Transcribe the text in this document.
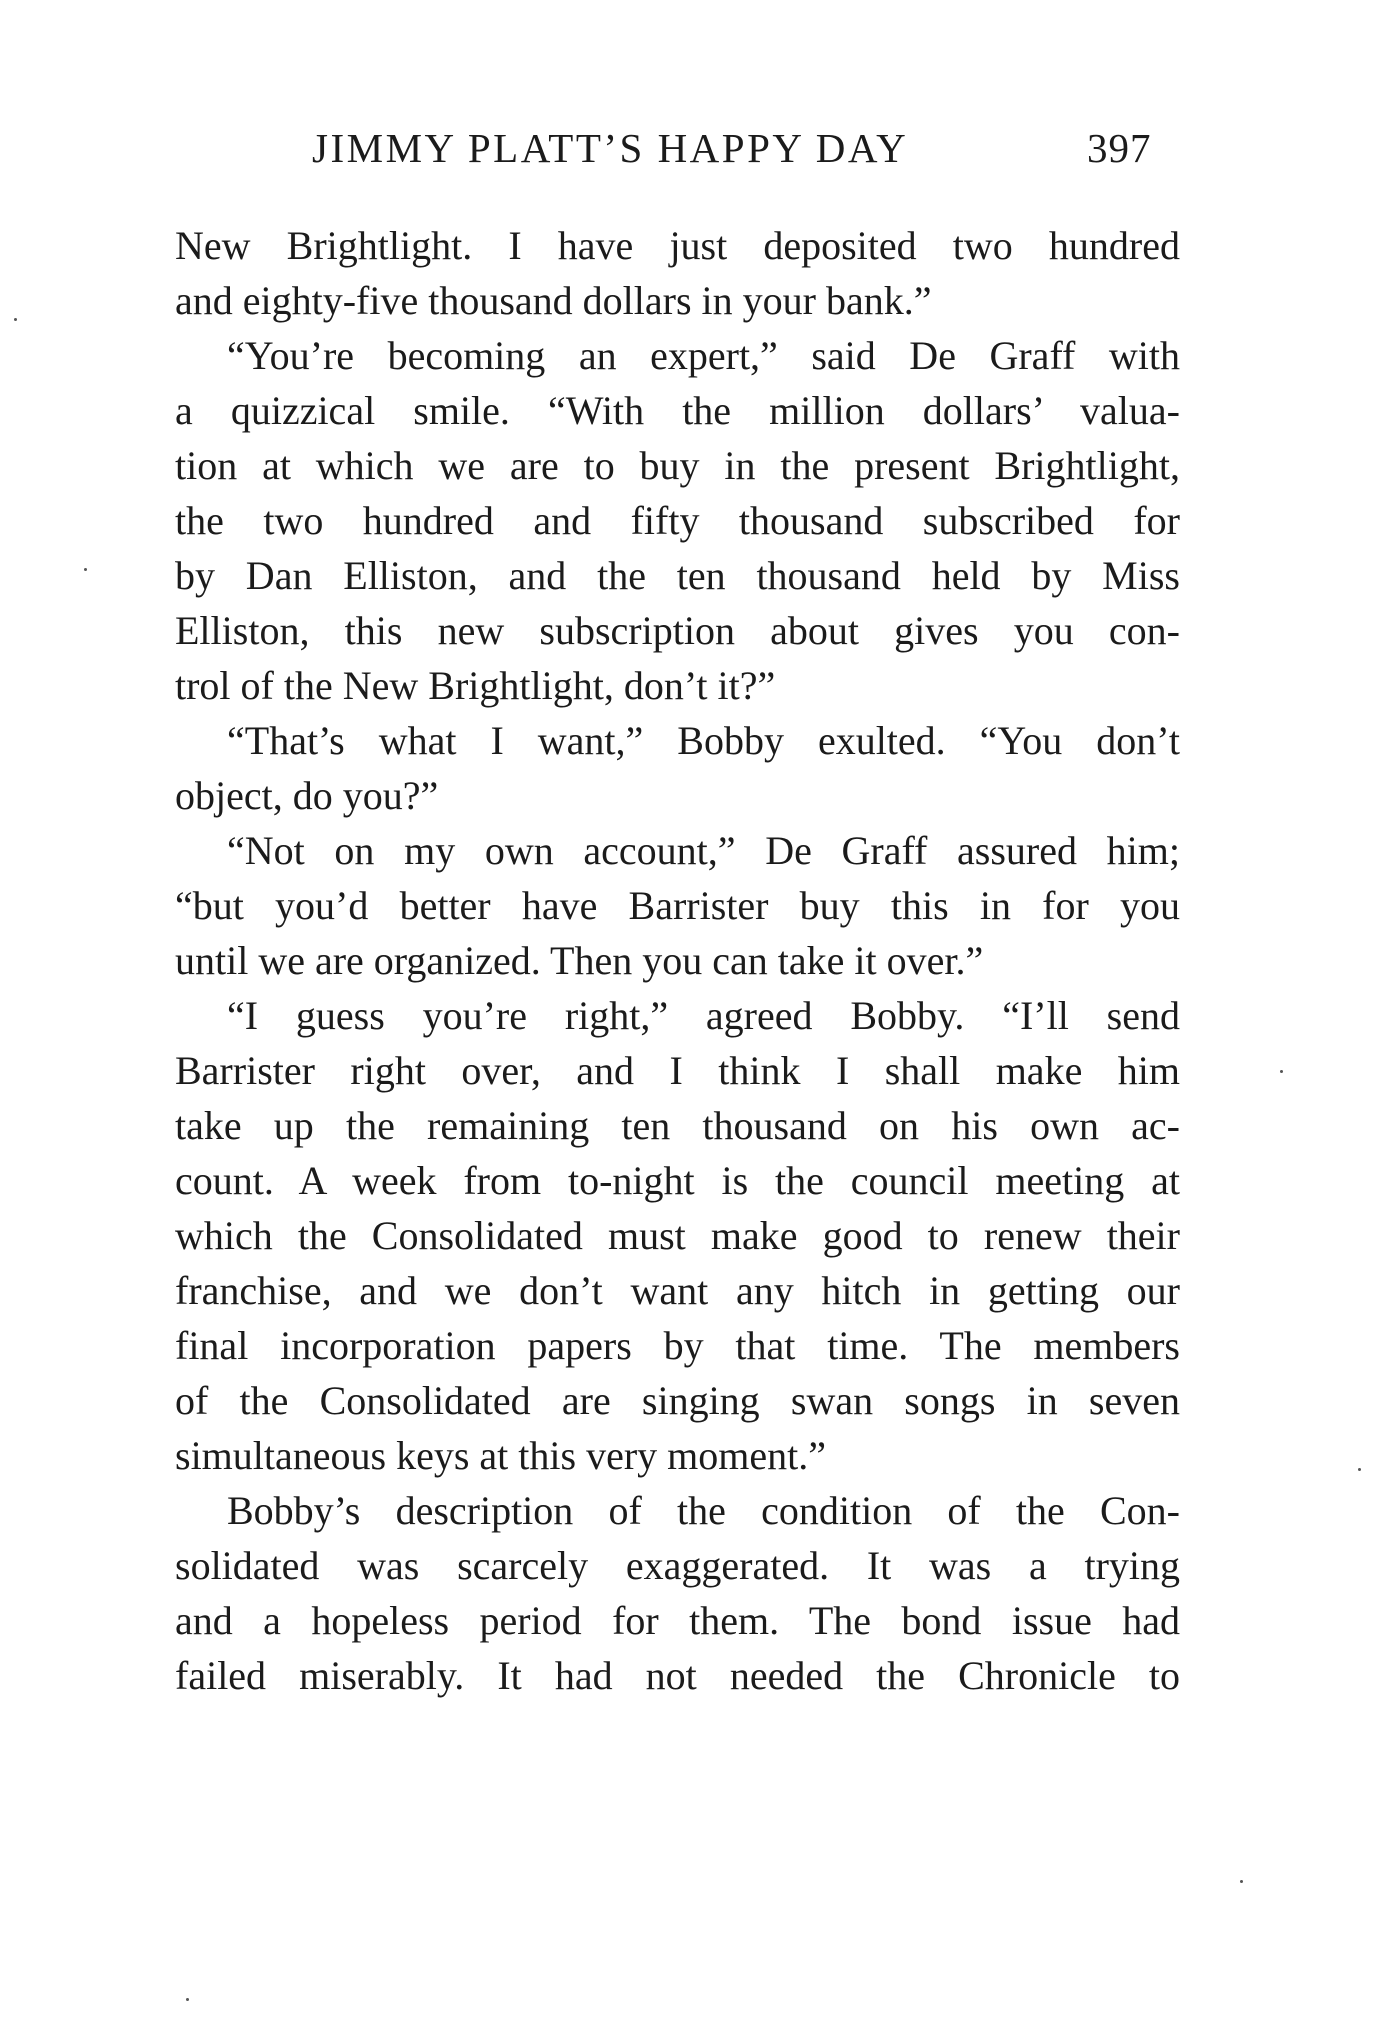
JIMMY PLATT’S HAPPY DAY	397
New Brightlight. I have just deposited two hundred
and eighty-five thousand dollars in your bank.”
“You’re becoming an expert,” said De Graff with
a quizzical smile. “With the million dollars’ valua-
tion at which we are to buy in the present Brightlight,
the two hundred and fifty thousand subscribed for
by Dan Elliston, and the ten thousand held by Miss
Elliston, this new subscription about gives you con-
trol of the New Brightlight, don’t it?”
“That’s what I want,” Bobby exulted. “You don’t
object, do you?”
“Not on my own account,” De Graff assured him;
“but you’d better have Barrister buy this in for you
until we are organized. Then you can take it over.”
“I guess you’re right,” agreed Bobby. “I’ll send
Barrister right over, and I think I shall make him
take up the remaining ten thousand on his own ac-
count. A week from to-night is the council meeting at
which the Consolidated must make good to renew their
franchise, and we don’t want any hitch in getting our
final incorporation papers by that time. The members
of the Consolidated are singing swan songs in seven
simultaneous keys at this very moment.”
Bobby’s description of the condition of the Con-
solidated was scarcely exaggerated. It was a trying
and a hopeless period for them. The bond issue had
failed miserably. It had not needed the Chronicle to
